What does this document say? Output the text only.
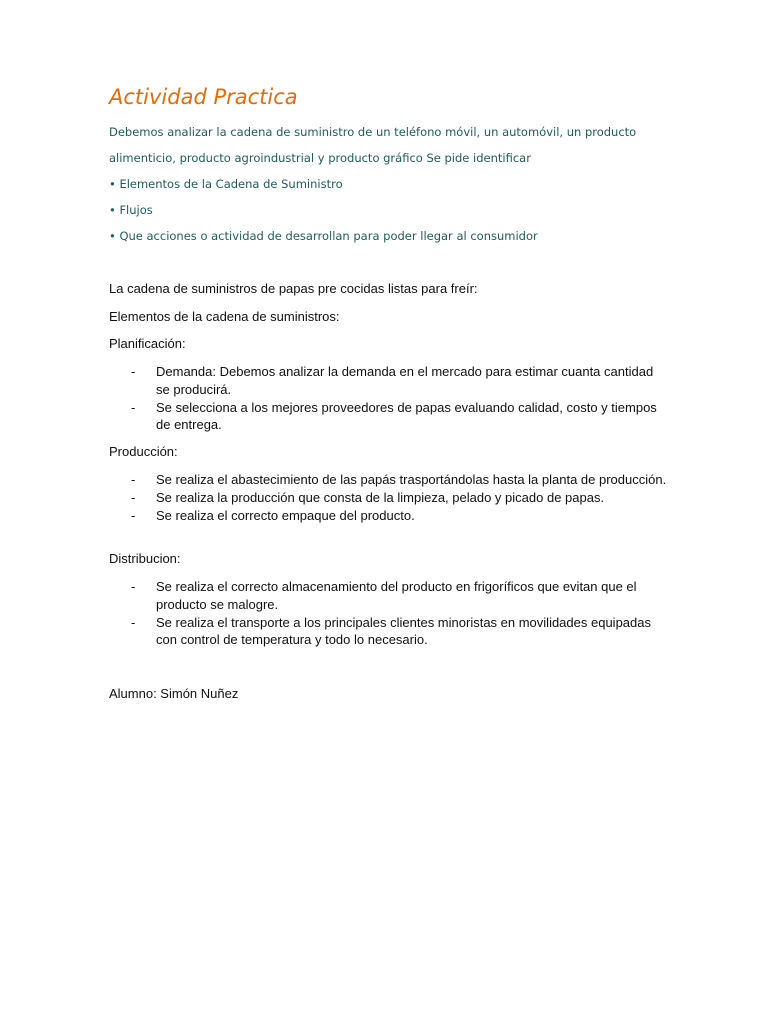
Actividad Practica
Debemos analizar la cadena de suministro de un teléfono móvil, un automóvil, un producto
alimenticio, producto agroindustrial y producto gráfico Se pide identificar
• Elementos de la Cadena de Suministro
• Flujos
• Que acciones o actividad de desarrollan para poder llegar al consumidor
La cadena de suministros de papas pre cocidas listas para freír:
Elementos de la cadena de suministros:
Planificación:
- Demanda: Debemos analizar la demanda en el mercado para estimar cuanta cantidad se producirá.
- Se selecciona a los mejores proveedores de papas evaluando calidad, costo y tiempos de entrega.
Producción:
- Se realiza el abastecimiento de las papás trasportándolas hasta la planta de producción.
- Se realiza la producción que consta de la limpieza, pelado y picado de papas.
- Se realiza el correcto empaque del producto.
Distribucion:
- Se realiza el correcto almacenamiento del producto en frigoríficos que evitan que el producto se malogre.
- Se realiza el transporte a los principales clientes minoristas en movilidades equipadas con control de temperatura y todo lo necesario.
Alumno: Simón Nuñez
